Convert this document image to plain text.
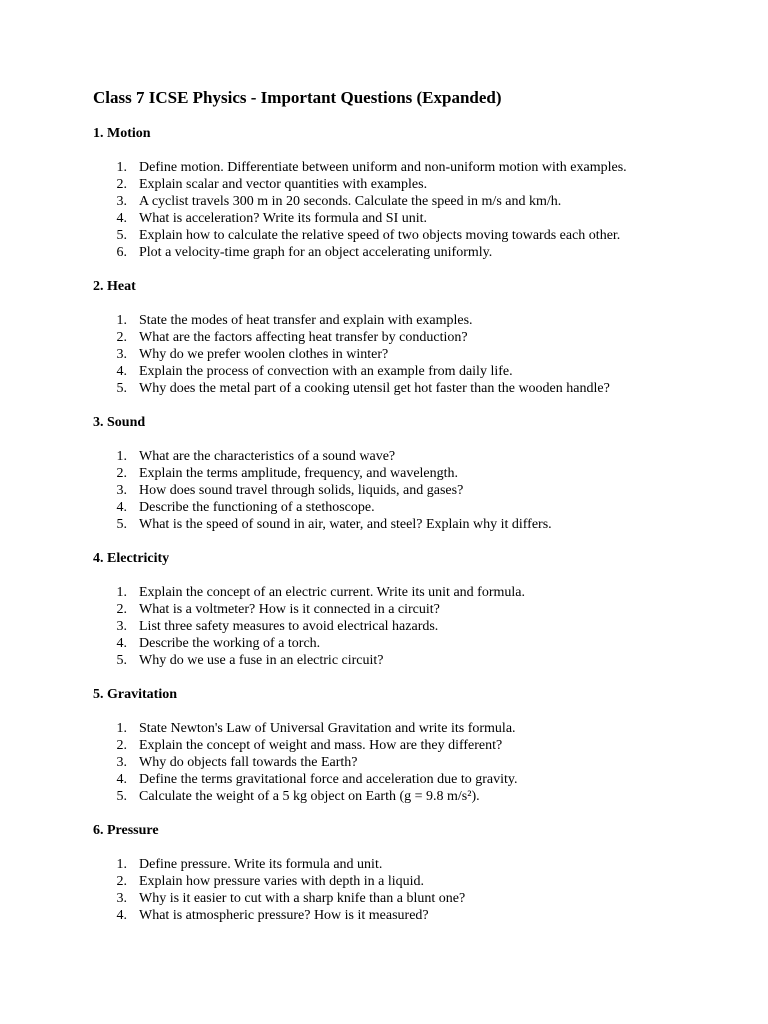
Class 7 ICSE Physics - Important Questions (Expanded)
1. Motion
1. Define motion. Differentiate between uniform and non-uniform motion with examples.
2. Explain scalar and vector quantities with examples.
3. A cyclist travels 300 m in 20 seconds. Calculate the speed in m/s and km/h.
4. What is acceleration? Write its formula and SI unit.
5. Explain how to calculate the relative speed of two objects moving towards each other.
6. Plot a velocity-time graph for an object accelerating uniformly.
2. Heat
1. State the modes of heat transfer and explain with examples.
2. What are the factors affecting heat transfer by conduction?
3. Why do we prefer woolen clothes in winter?
4. Explain the process of convection with an example from daily life.
5. Why does the metal part of a cooking utensil get hot faster than the wooden handle?
3. Sound
1. What are the characteristics of a sound wave?
2. Explain the terms amplitude, frequency, and wavelength.
3. How does sound travel through solids, liquids, and gases?
4. Describe the functioning of a stethoscope.
5. What is the speed of sound in air, water, and steel? Explain why it differs.
4. Electricity
1. Explain the concept of an electric current. Write its unit and formula.
2. What is a voltmeter? How is it connected in a circuit?
3. List three safety measures to avoid electrical hazards.
4. Describe the working of a torch.
5. Why do we use a fuse in an electric circuit?
5. Gravitation
1. State Newton's Law of Universal Gravitation and write its formula.
2. Explain the concept of weight and mass. How are they different?
3. Why do objects fall towards the Earth?
4. Define the terms gravitational force and acceleration due to gravity.
5. Calculate the weight of a 5 kg object on Earth (g = 9.8 m/s²).
6. Pressure
1. Define pressure. Write its formula and unit.
2. Explain how pressure varies with depth in a liquid.
3. Why is it easier to cut with a sharp knife than a blunt one?
4. What is atmospheric pressure? How is it measured?
